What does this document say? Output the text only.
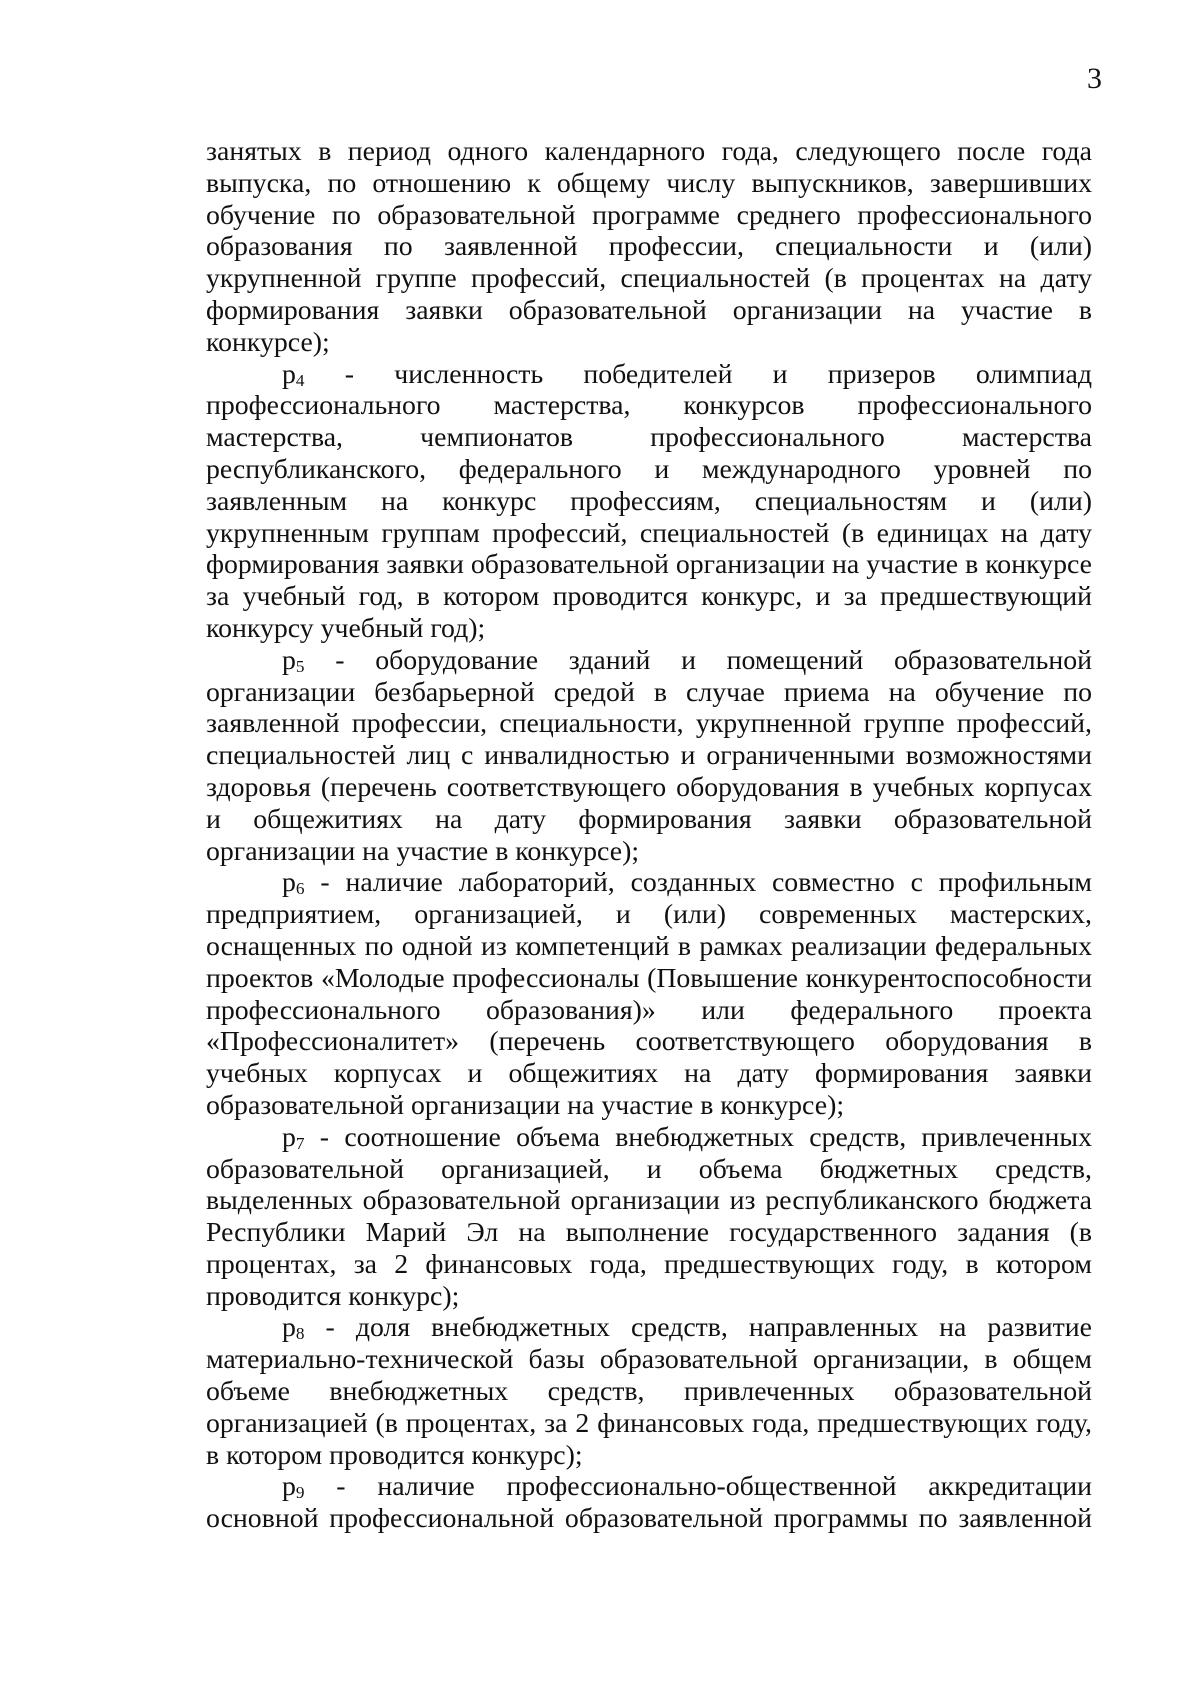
3

занятых в период одного календарного года, следующего после года выпуска, по отношению к общему числу выпускников, завершивших обучение по образовательной программе среднего профессионального образования по заявленной профессии, специальности и (или) укрупненной группе профессий, специальностей (в процентах на дату формирования заявки образовательной организации на участие в конкурсе);

$p_4$ - численность победителей и призеров олимпиад профессионального мастерства, конкурсов профессионального мастерства, чемпионатов профессионального мастерства республиканского, федерального и международного уровней по заявленным на конкурс профессиям, специальностям и (или) укрупненным группам профессий, специальностей (в единицах на дату формирования заявки образовательной организации на участие в конкурсе за учебный год, в котором проводится конкурс, и за предшествующий конкурсу учебный год);

$p_5$ - оборудование зданий и помещений образовательной организации безбарьерной средой в случае приема на обучение по заявленной профессии, специальности, укрупненной группе профессий, специальностей лиц с инвалидностью и ограниченными возможностями здоровья (перечень соответствующего оборудования в учебных корпусах и общежитиях на дату формирования заявки образовательной организации на участие в конкурсе);

$p_6$ - наличие лабораторий, созданных совместно с профильным предприятием, организацией, и (или) современных мастерских, оснащенных по одной из компетенций в рамках реализации федеральных проектов «Молодые профессионалы (Повышение конкурентоспособности профессионального образования)» или федерального проекта «Профессионалитет» (перечень соответствующего оборудования в учебных корпусах и общежитиях на дату формирования заявки образовательной организации на участие в конкурсе);

$p_7$ - соотношение объема внебюджетных средств, привлеченных образовательной организацией, и объема бюджетных средств, выделенных образовательной организации из республиканского бюджета Республики Марий Эл на выполнение государственного задания (в процентах, за 2 финансовых года, предшествующих году, в котором проводится конкурс);

$p_8$ - доля внебюджетных средств, направленных на развитие материально-технической базы образовательной организации, в общем объеме внебюджетных средств, привлеченных образовательной организацией (в процентах, за 2 финансовых года, предшествующих году, в котором проводится конкурс);

$p_9$ - наличие профессионально-общественной аккредитации основной профессиональной образовательной программы по заявленной
